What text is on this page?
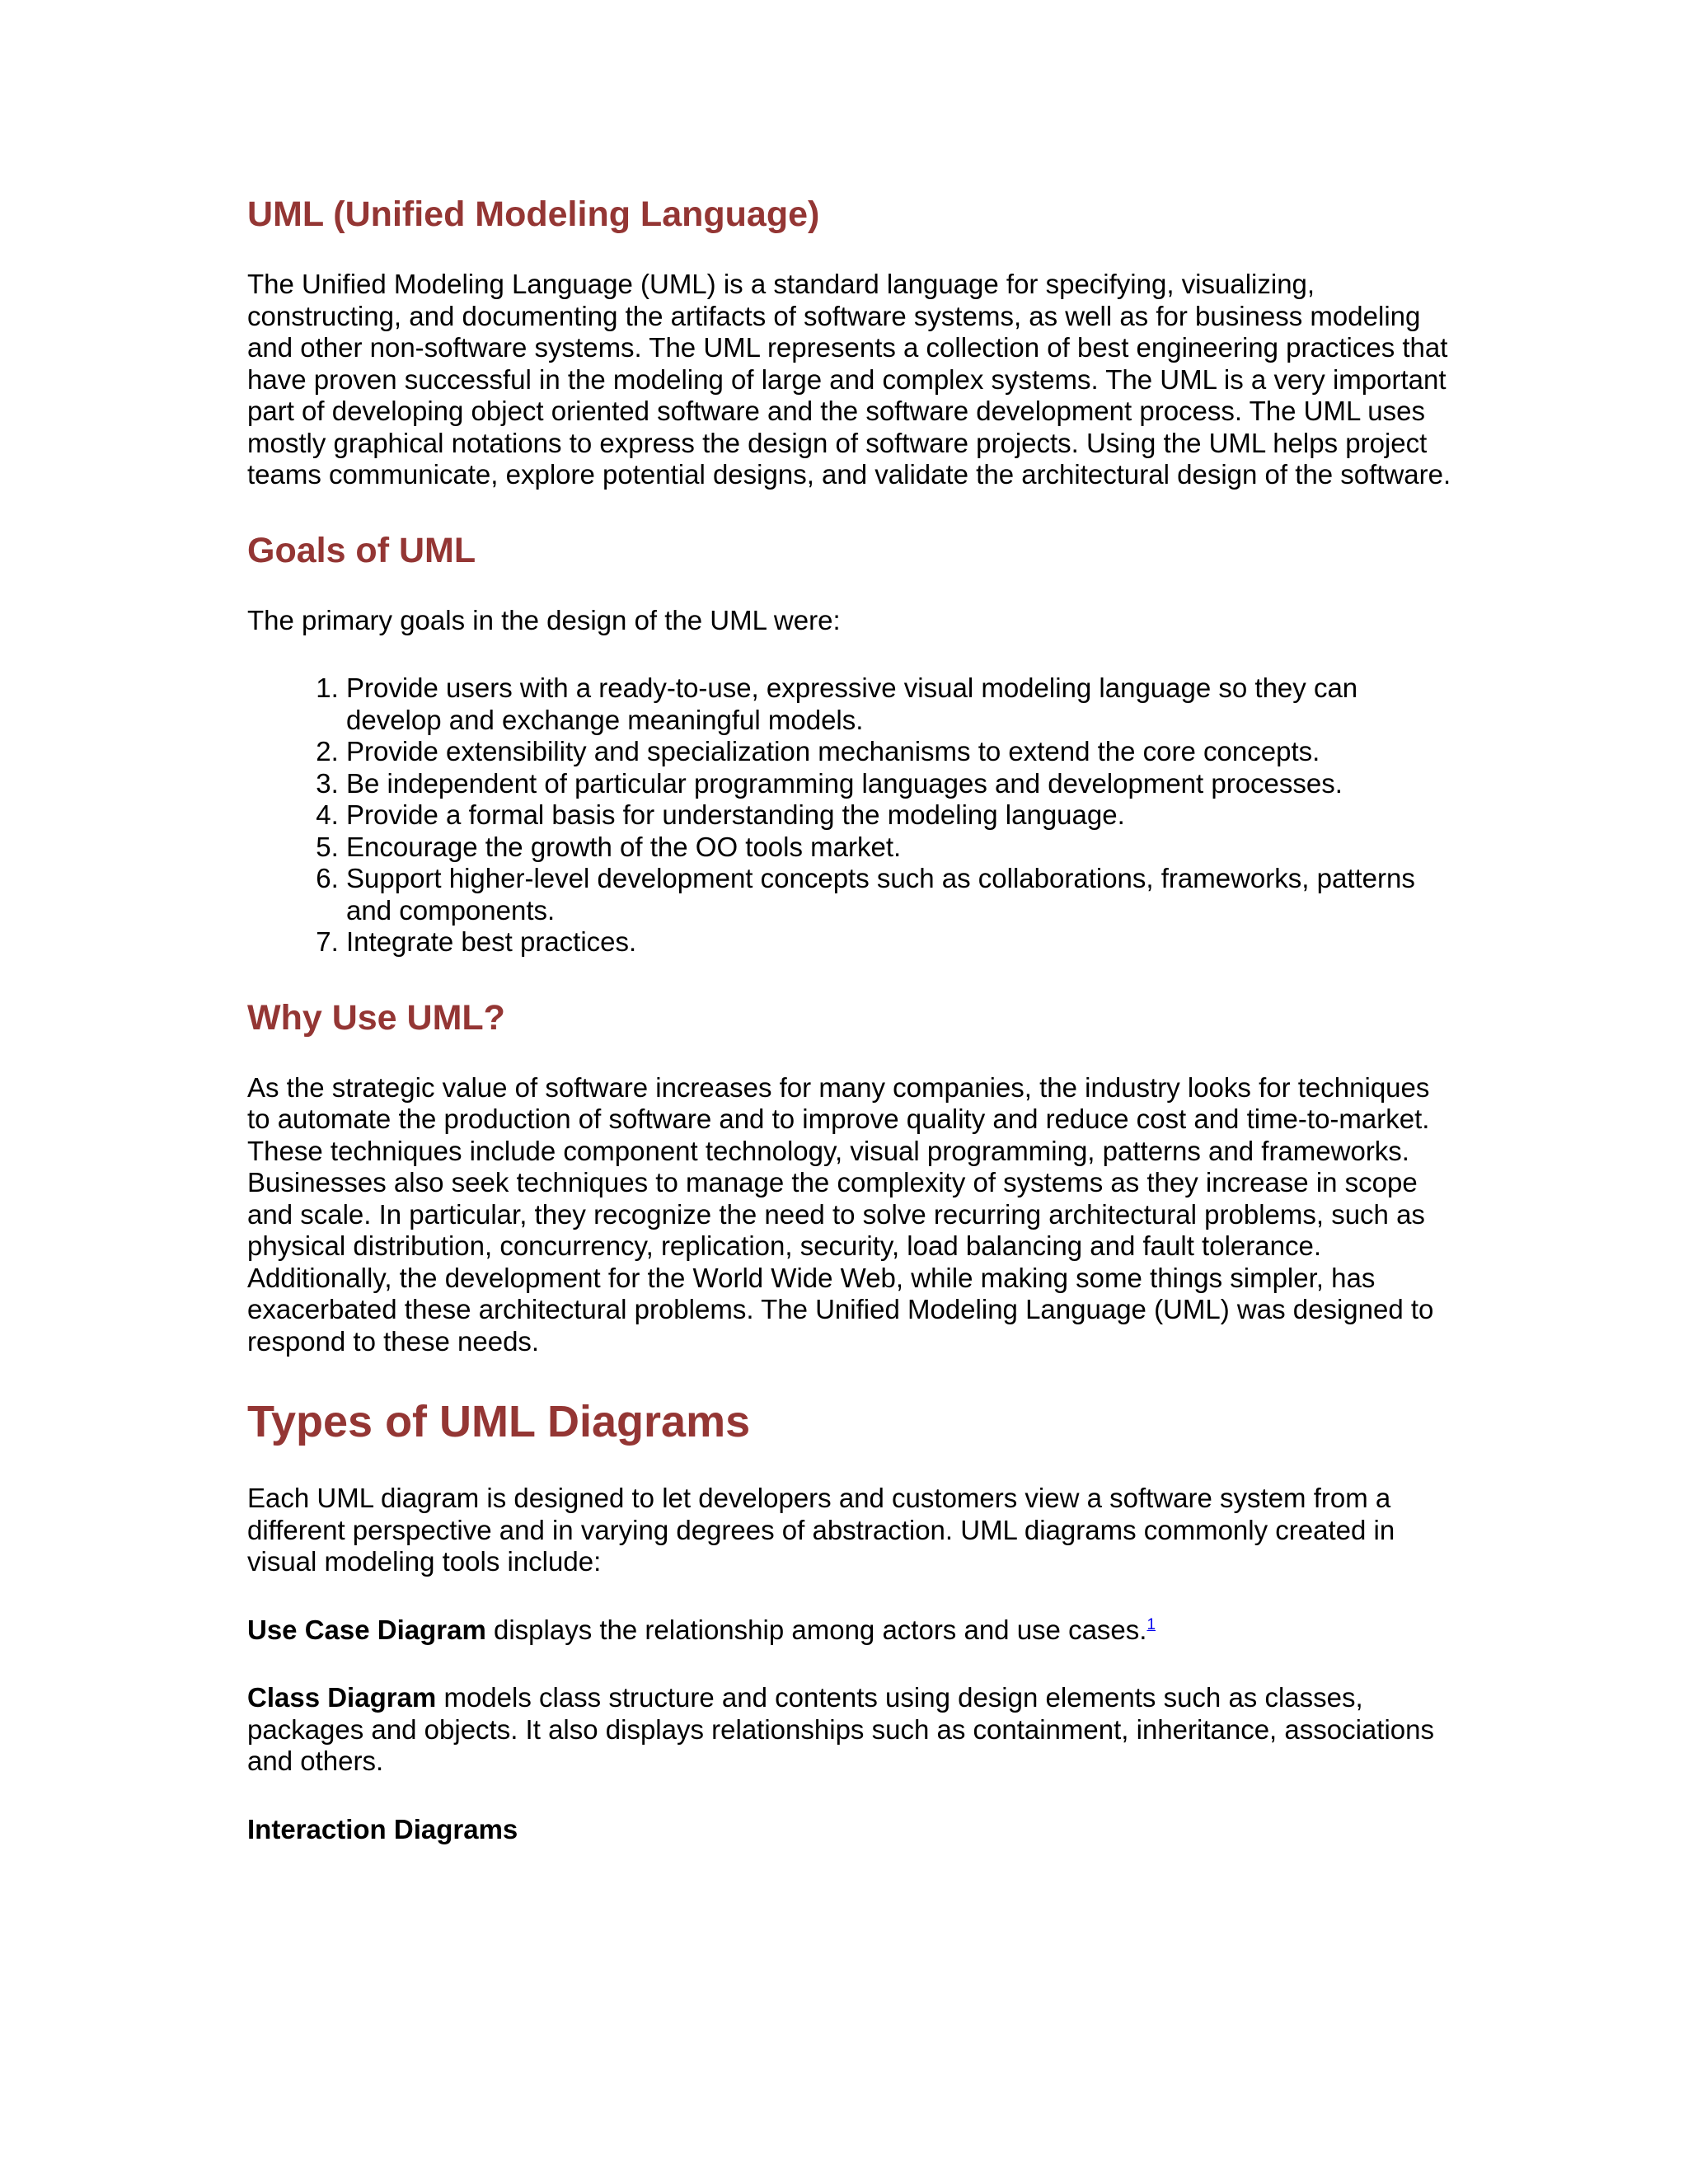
UML (Unified Modeling Language)

The Unified Modeling Language (UML) is a standard language for specifying, visualizing, constructing, and documenting the artifacts of software systems, as well as for business modeling and other non-software systems. The UML represents a collection of best engineering practices that have proven successful in the modeling of large and complex systems. The UML is a very important part of developing object oriented software and the software development process. The UML uses mostly graphical notations to express the design of software projects. Using the UML helps project teams communicate, explore potential designs, and validate the architectural design of the software.

Goals of UML

The primary goals in the design of the UML were:

1. Provide users with a ready-to-use, expressive visual modeling language so they can develop and exchange meaningful models.
2. Provide extensibility and specialization mechanisms to extend the core concepts.
3. Be independent of particular programming languages and development processes.
4. Provide a formal basis for understanding the modeling language.
5. Encourage the growth of the OO tools market.
6. Support higher-level development concepts such as collaborations, frameworks, patterns and components.
7. Integrate best practices.
Why Use UML?

As the strategic value of software increases for many companies, the industry looks for techniques to automate the production of software and to improve quality and reduce cost and time-to-market. These techniques include component technology, visual programming, patterns and frameworks. Businesses also seek techniques to manage the complexity of systems as they increase in scope and scale. In particular, they recognize the need to solve recurring architectural problems, such as physical distribution, concurrency, replication, security, load balancing and fault tolerance. Additionally, the development for the World Wide Web, while making some things simpler, has exacerbated these architectural problems. The Unified Modeling Language (UML) was designed to respond to these needs.

Types of UML Diagrams

Each UML diagram is designed to let developers and customers view a software system from a different perspective and in varying degrees of abstraction. UML diagrams commonly created in visual modeling tools include:

Use Case Diagram displays the relationship among actors and use cases.$^1$

Class Diagram models class structure and contents using design elements such as classes, packages and objects. It also displays relationships such as containment, inheritance, associations and others.

Interaction Diagrams
